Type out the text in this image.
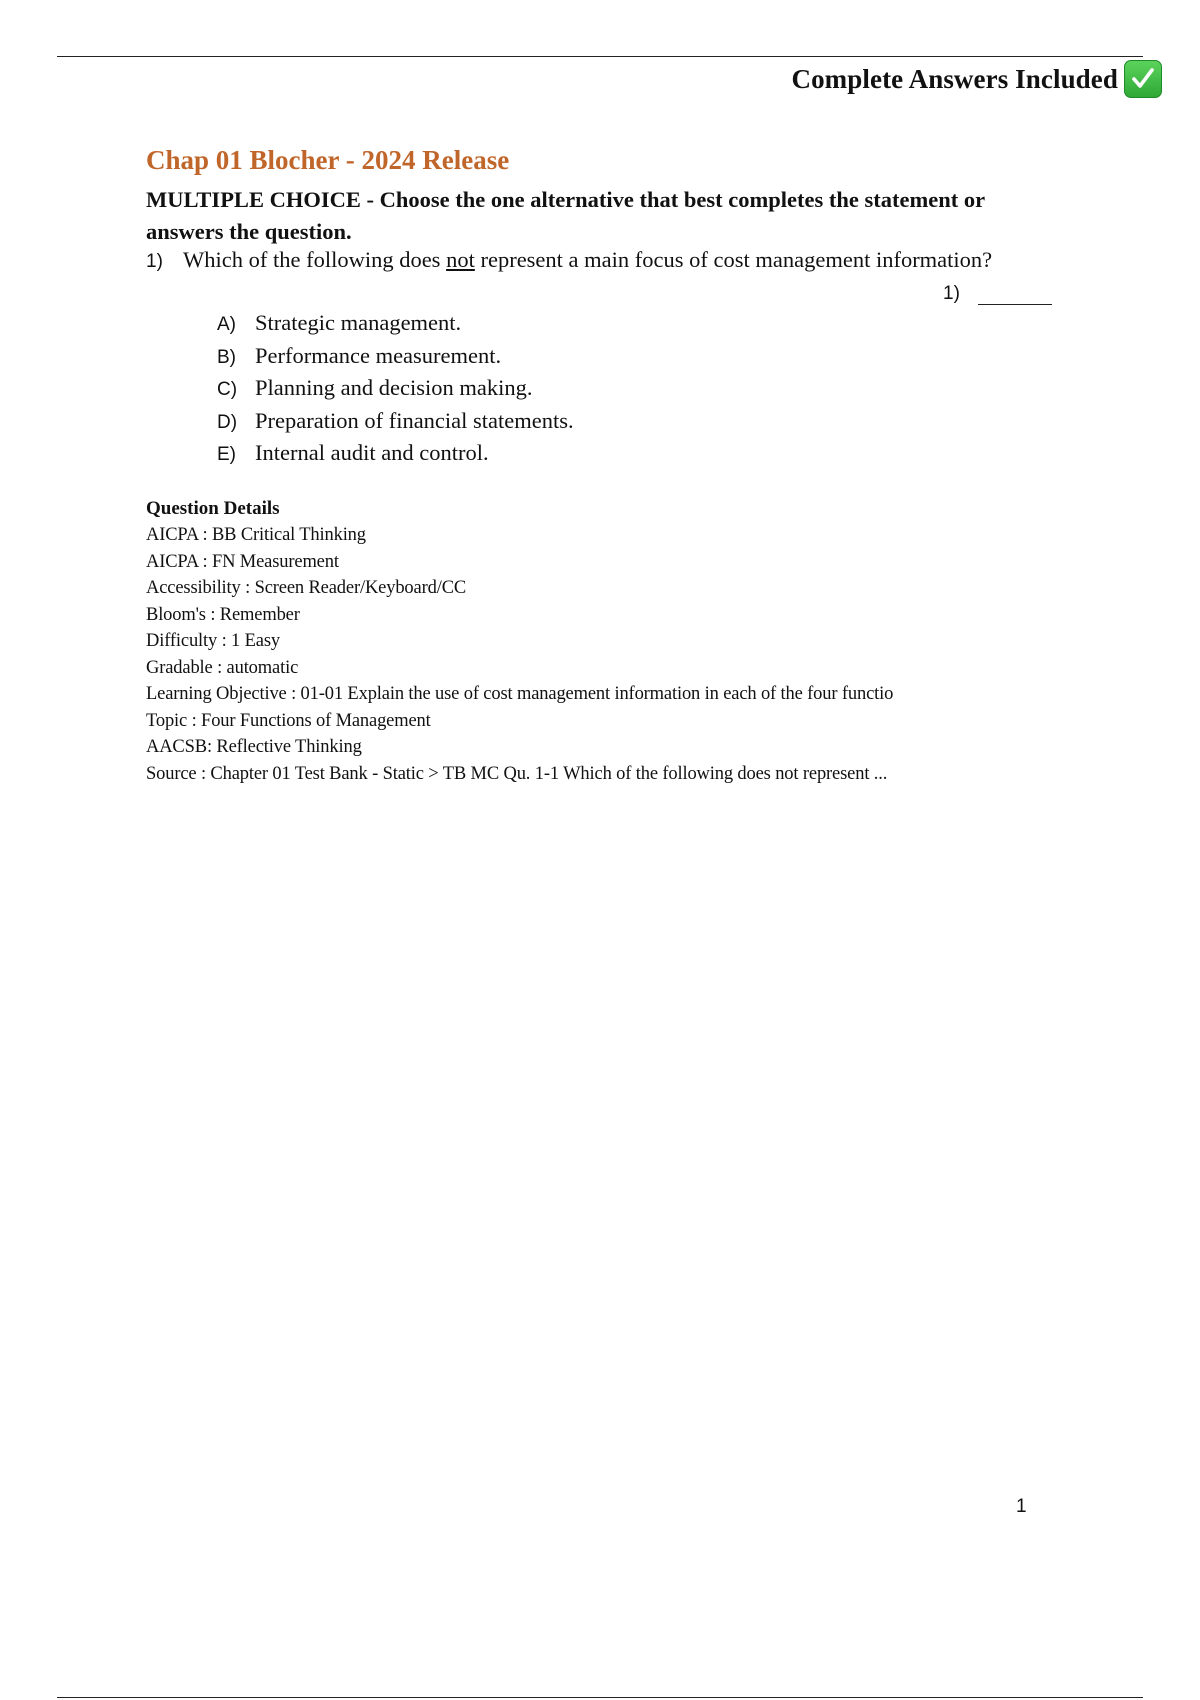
Complete Answers Included
Chap 01 Blocher - 2024 Release
MULTIPLE CHOICE - Choose the one alternative that best completes the statement or answers the question.
1) Which of the following does not represent a main focus of cost management information?
1)
A) Strategic management.
B) Performance measurement.
C) Planning and decision making.
D) Preparation of financial statements.
E) Internal audit and control.
Question Details
AICPA : BB Critical Thinking
AICPA : FN Measurement
Accessibility : Screen Reader/Keyboard/CC
Bloom's : Remember
Difficulty : 1 Easy
Gradable : automatic
Learning Objective : 01-01 Explain the use of cost management information in each of the four functio
Topic : Four Functions of Management
AACSB: Reflective Thinking
Source : Chapter 01 Test Bank - Static > TB MC Qu. 1-1 Which of the following does not represent ...
1
